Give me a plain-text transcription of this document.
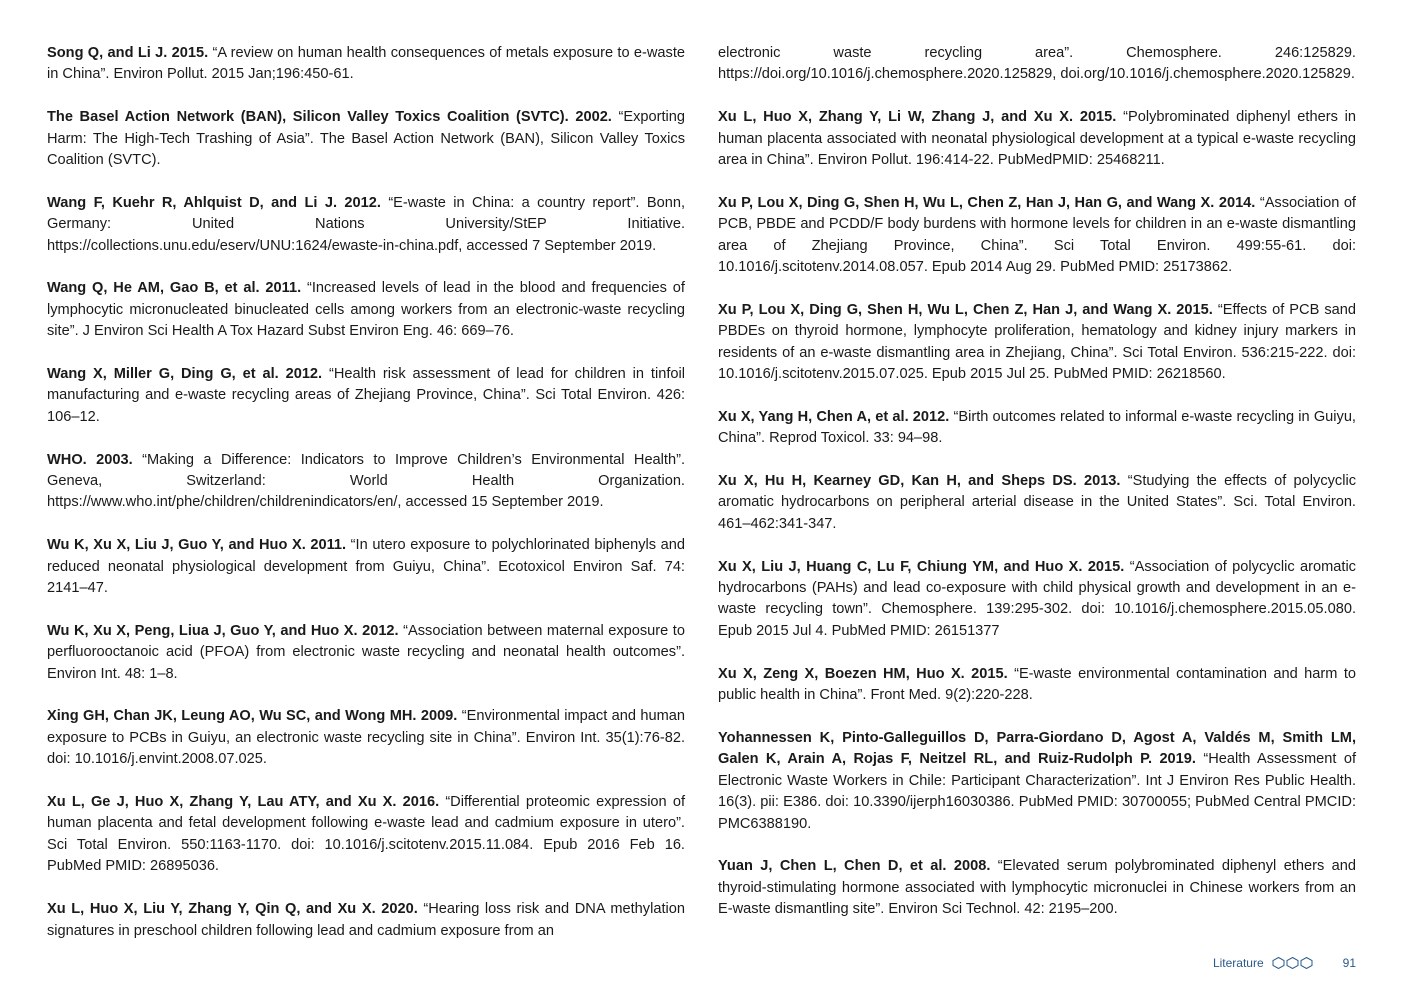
Song Q, and Li J. 2015. “A review on human health consequences of metals exposure to e-waste in China”. Environ Pollut. 2015 Jan;196:450-61.

The Basel Action Network (BAN), Silicon Valley Toxics Coalition (SVTC). 2002. “Exporting Harm: The High-Tech Trashing of Asia”. The Basel Action Network (BAN), Silicon Valley Toxics Coalition (SVTC).

Wang F, Kuehr R, Ahlquist D, and Li J. 2012. “E-waste in China: a country report”. Bonn, Germany: United Nations University/StEP Initiative. https://collections.unu.edu/eserv/UNU:1624/ewaste-in-china.pdf, accessed 7 September 2019.

Wang Q, He AM, Gao B, et al. 2011. “Increased levels of lead in the blood and frequencies of lymphocytic micronucleated binucleated cells among workers from an electronic-waste recycling site”. J Environ Sci Health A Tox Hazard Subst Environ Eng. 46: 669–76.

Wang X, Miller G, Ding G, et al. 2012. “Health risk assessment of lead for children in tinfoil manufacturing and e-waste recycling areas of Zhejiang Province, China”. Sci Total Environ. 426: 106–12.

WHO. 2003. “Making a Difference: Indicators to Improve Children’s Environmental Health”. Geneva, Switzerland: World Health Organization. https://www.who.int/phe/children/childrenindicators/en/, accessed 15 September 2019.

Wu K, Xu X, Liu J, Guo Y, and Huo X. 2011. “In utero exposure to polychlorinated biphenyls and reduced neonatal physiological development from Guiyu, China”. Ecotoxicol Environ Saf. 74: 2141–47.

Wu K, Xu X, Peng, Liua J, Guo Y, and Huo X. 2012. “Association between maternal exposure to perfluorooctanoic acid (PFOA) from electronic waste recycling and neonatal health outcomes”. Environ Int. 48: 1–8.

Xing GH, Chan JK, Leung AO, Wu SC, and Wong MH. 2009. “Environmental impact and human exposure to PCBs in Guiyu, an electronic waste recycling site in China”. Environ Int. 35(1):76-82. doi: 10.1016/j.envint.2008.07.025.

Xu L, Ge J, Huo X, Zhang Y, Lau ATY, and Xu X. 2016. “Differential proteomic expression of human placenta and fetal development following e-waste lead and cadmium exposure in utero”. Sci Total Environ. 550:1163-1170. doi: 10.1016/j.scitotenv.2015.11.084. Epub 2016 Feb 16. PubMed PMID: 26895036.

Xu L, Huo X, Liu Y, Zhang Y, Qin Q, and Xu X. 2020. “Hearing loss risk and DNA methylation signatures in preschool children following lead and cadmium exposure from an

electronic waste recycling area”. Chemosphere. 246:125829. https://doi.org/10.1016/j.chemosphere.2020.125829, doi.org/10.1016/j.chemosphere.2020.125829.

Xu L, Huo X, Zhang Y, Li W, Zhang J, and Xu X. 2015. “Polybrominated diphenyl ethers in human placenta associated with neonatal physiological development at a typical e-waste recycling area in China”. Environ Pollut. 196:414-22. PubMedPMID: 25468211.

Xu P, Lou X, Ding G, Shen H, Wu L, Chen Z, Han J, Han G, and Wang X. 2014. “Association of PCB, PBDE and PCDD/F body burdens with hormone levels for children in an e-waste dismantling area of Zhejiang Province, China”. Sci Total Environ. 499:55-61. doi: 10.1016/j.scitotenv.2014.08.057. Epub 2014 Aug 29. PubMed PMID: 25173862.

Xu P, Lou X, Ding G, Shen H, Wu L, Chen Z, Han J, and Wang X. 2015. “Effects of PCB sand PBDEs on thyroid hormone, lymphocyte proliferation, hematology and kidney injury markers in residents of an e-waste dismantling area in Zhejiang, China”. Sci Total Environ. 536:215-222. doi: 10.1016/j.scitotenv.2015.07.025. Epub 2015 Jul 25. PubMed PMID: 26218560.

Xu X, Yang H, Chen A, et al. 2012. “Birth outcomes related to informal e-waste recycling in Guiyu, China”. Reprod Toxicol. 33: 94–98.

Xu X, Hu H, Kearney GD, Kan H, and Sheps DS. 2013. “Studying the effects of polycyclic aromatic hydrocarbons on peripheral arterial disease in the United States”. Sci. Total Environ. 461–462:341-347.

Xu X, Liu J, Huang C, Lu F, Chiung YM, and Huo X. 2015. “Association of polycyclic aromatic hydrocarbons (PAHs) and lead co-exposure with child physical growth and development in an e-waste recycling town”. Chemosphere. 139:295-302. doi: 10.1016/j.chemosphere.2015.05.080. Epub 2015 Jul 4. PubMed PMID: 26151377

Xu X, Zeng X, Boezen HM, Huo X. 2015. “E-waste environmental contamination and harm to public health in China”. Front Med. 9(2):220-228.

Yohannessen K, Pinto-Galleguillos D, Parra-Giordano D, Agost A, Valdés M, Smith LM, Galen K, Arain A, Rojas F, Neitzel RL, and Ruiz-Rudolph P. 2019. “Health Assessment of Electronic Waste Workers in Chile: Participant Characterization”. Int J Environ Res Public Health. 16(3). pii: E386. doi: 10.3390/ijerph16030386. PubMed PMID: 30700055; PubMed Central PMCID: PMC6388190.

Yuan J, Chen L, Chen D, et al. 2008. “Elevated serum polybrominated diphenyl ethers and thyroid-stimulating hormone associated with lymphocytic micronuclei in Chinese workers from an E-waste dismantling site”. Environ Sci Technol. 42: 2195–200.

Literature	91
